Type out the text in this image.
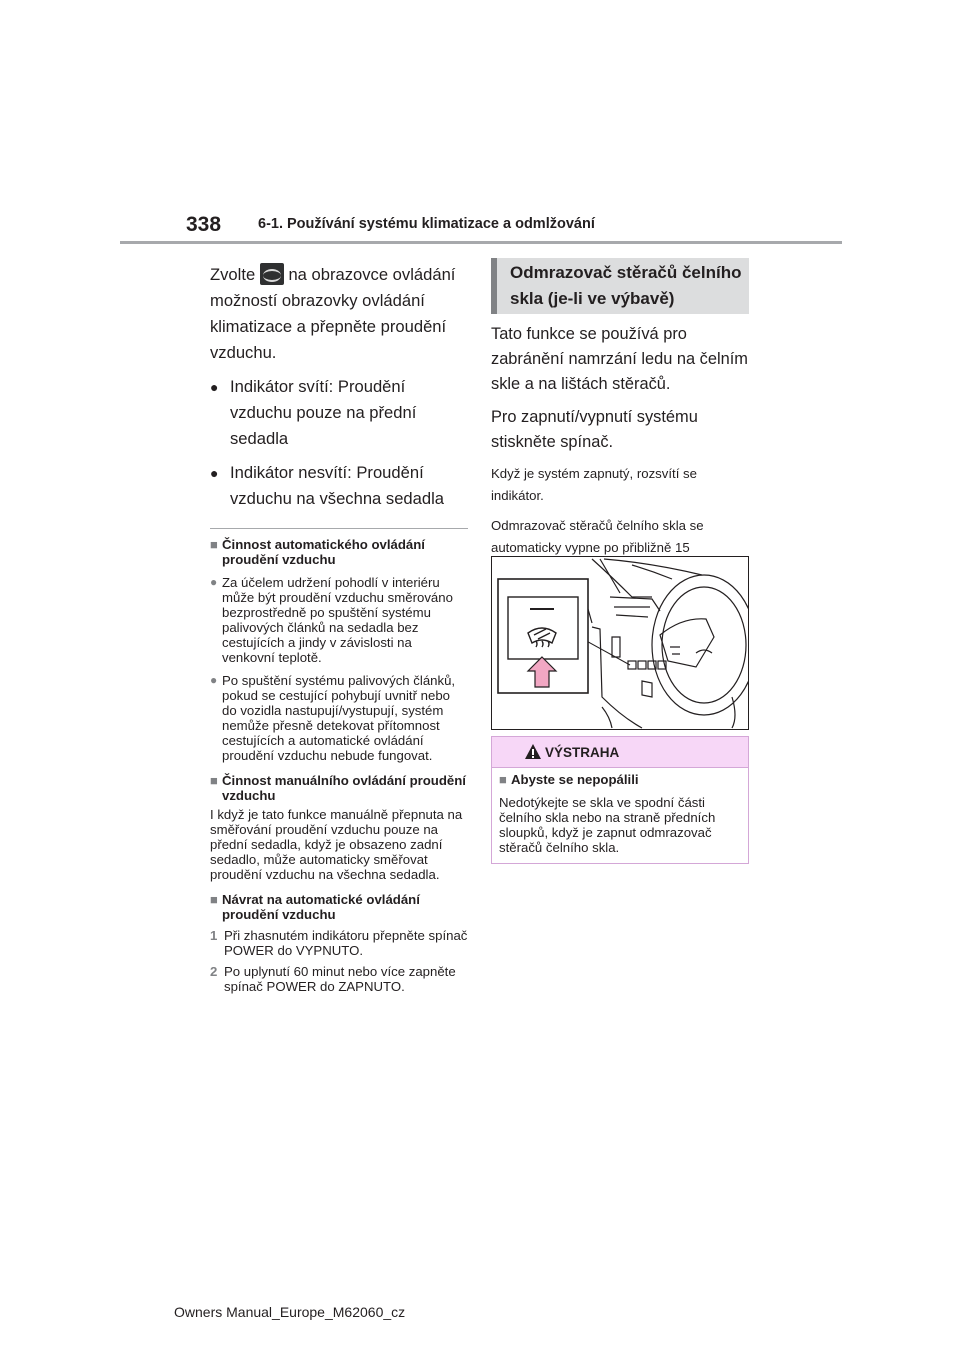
338	6-1. Používání systému klimatizace a odmlžování

Zvolte na obrazovce ovládání možností obrazovky ovládání klimatizace a přepněte proudění vzduchu.

● Indikátor svítí: Proudění vzduchu pouze na přední sedadla
● Indikátor nesvítí: Proudění vzduchu na všechna sedadla
■ Činnost automatického ovládání proudění vzduchu
● Za účelem udržení pohodlí v interiéru může být proudění vzduchu směrováno bezprostředně po spuštění systému palivových článků na sedadla bez cestujících a jindy v závislosti na venkovní teplotě.
● Po spuštění systému palivových článků, pokud se cestující pohybují uvnitř nebo do vozidla nastupují/vystupují, systém nemůže přesně detekovat přítomnost cestujících a automatické ovládání proudění vzduchu nebude fungovat.
■ Činnost manuálního ovládání proudění vzduchu
I když je tato funkce manuálně přepnuta na směřování proudění vzduchu pouze na přední sedadla, když je obsazeno zadní sedadlo, může automaticky směřovat proudění vzduchu na všechna sedadla.
■ Návrat na automatické ovládání proudění vzduchu
1 Při zhasnutém indikátoru přepněte spínač POWER do VYPNUTO.
2 Po uplynutí 60 minut nebo více zapněte spínač POWER do ZAPNUTO.
Odmrazovač stěračů čelního skla (je-li ve výbavě)

Tato funkce se používá pro zabránění namrzání ledu na čelním skle a na lištách stěračů.

Pro zapnutí/vypnutí systému stiskněte spínač.

Když je systém zapnutý, rozsvítí se indikátor.

Odmrazovač stěračů čelního skla se automaticky vypne po přibližně 15

VÝSTRAHA
■ Abyste se nepopálili
Nedotýkejte se skla ve spodní části čelního skla nebo na straně předních sloupků, když je zapnut odmrazovač stěračů čelního skla.
Owners Manual_Europe_M62060_cz
